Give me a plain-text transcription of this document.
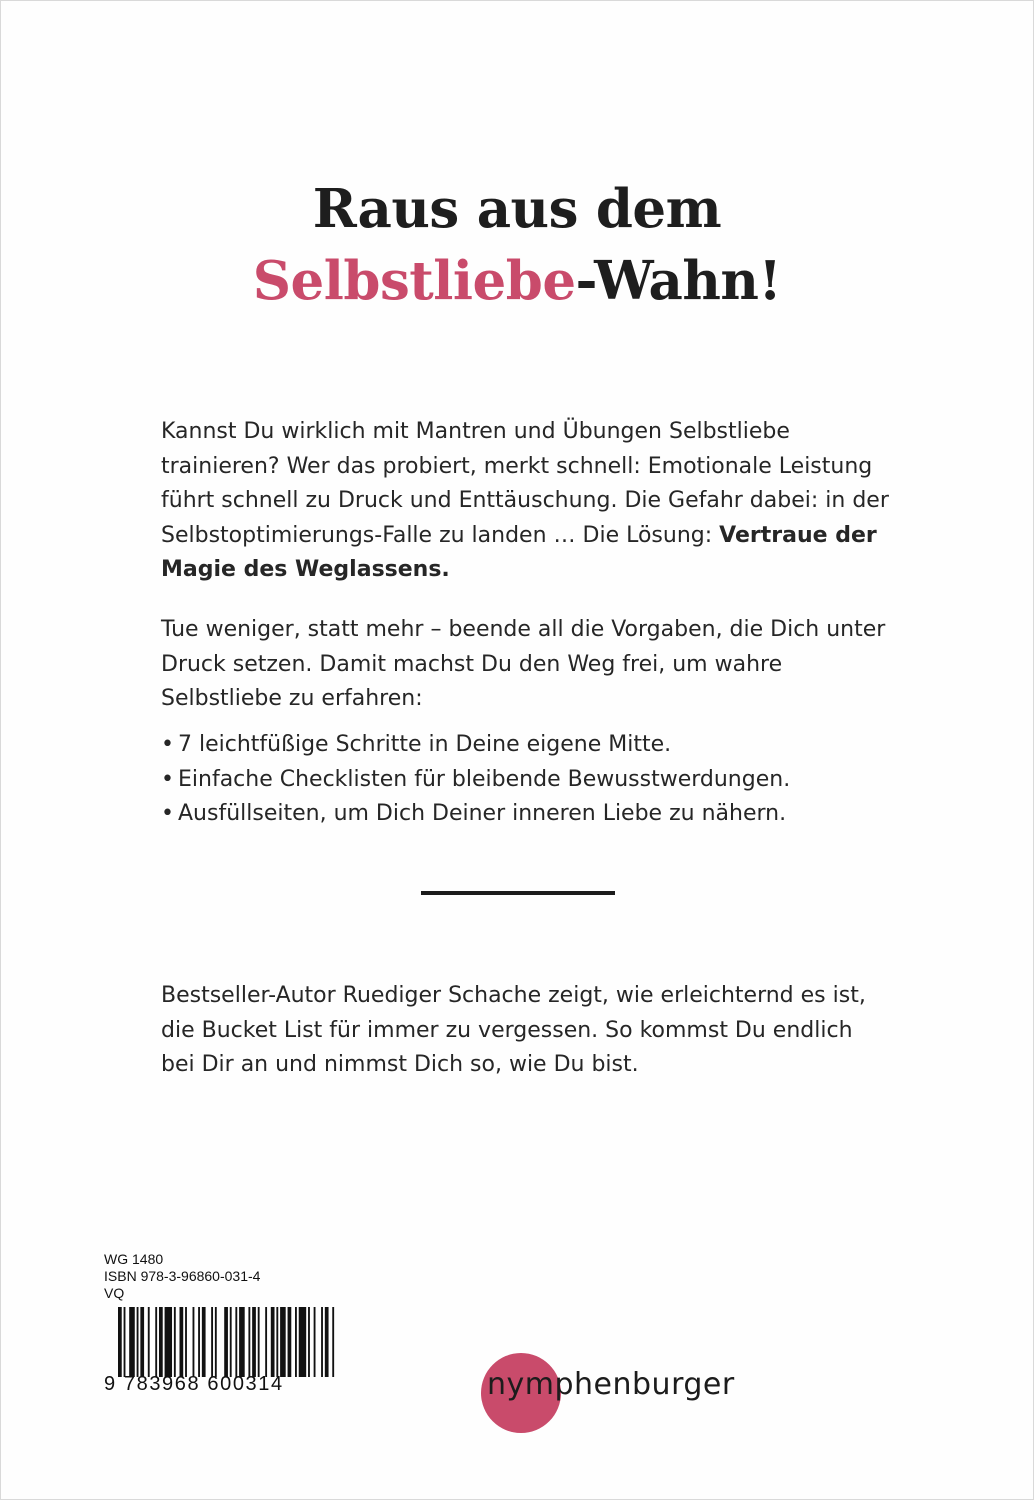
Raus aus dem
Selbstliebe-Wahn!

Kannst Du wirklich mit Mantren und Übungen Selbstliebe trainieren? Wer das probiert, merkt schnell: Emotionale Leistung führt schnell zu Druck und Enttäuschung. Die Gefahr dabei: in der Selbstoptimierungs-Falle zu landen … Die Lösung: Vertraue der Magie des Weglassens.

Tue weniger, statt mehr – beende all die Vorgaben, die Dich unter Druck setzen. Damit machst Du den Weg frei, um wahre Selbstliebe zu erfahren:

• 7 leichtfüßige Schritte in Deine eigene Mitte.
• Einfache Checklisten für bleibende Bewusstwerdungen.
• Ausfüllseiten, um Dich Deiner inneren Liebe zu nähern.

Bestseller-Autor Ruediger Schache zeigt, wie erleichternd es ist, die Bucket List für immer zu vergessen. So kommst Du endlich bei Dir an und nimmst Dich so, wie Du bist.

WG 1480
ISBN 978-3-96860-031-4
VQ
9 783968 600314	nymphenburger
